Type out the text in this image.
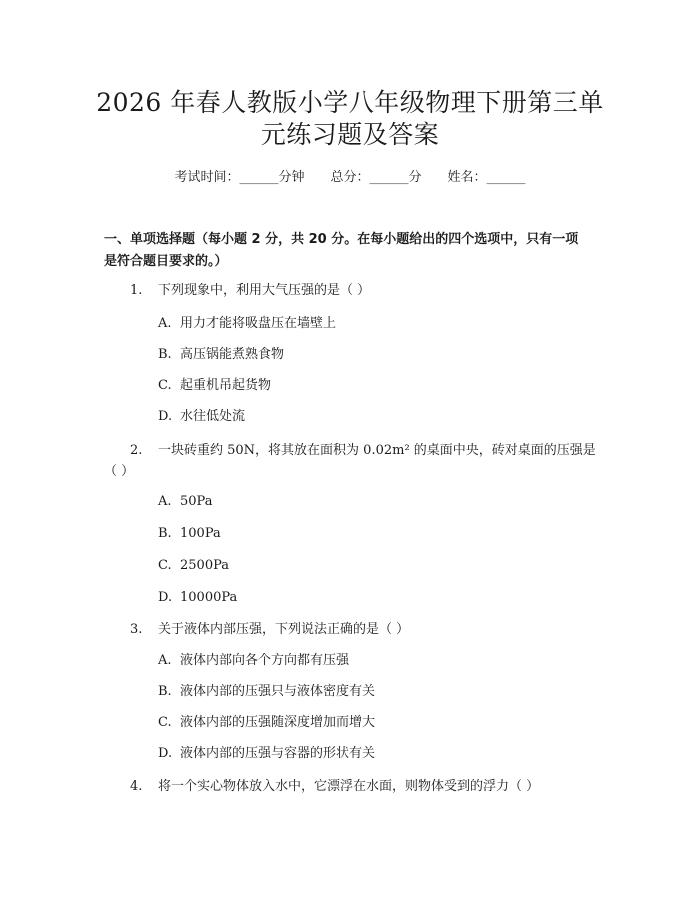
2026 年春人教版小学八年级物理下册第三单
元练习题及答案
考试时间：______分钟 总分：______分 姓名：______
一、单项选择题（每小题 2 分，共 20 分。在每小题给出的四个选项中，只有一项
是符合题目要求的。）
1. 下列现象中，利用大气压强的是（ ）
A. 用力才能将吸盘压在墙壁上
B. 高压锅能煮熟食物
C. 起重机吊起货物
D. 水往低处流
2. 一块砖重约 50N，将其放在面积为 0.02m² 的桌面中央，砖对桌面的压强是
（ ）
A. 50Pa
B. 100Pa
C. 2500Pa
D. 10000Pa
3. 关于液体内部压强，下列说法正确的是（ ）
A. 液体内部向各个方向都有压强
B. 液体内部的压强只与液体密度有关
C. 液体内部的压强随深度增加而增大
D. 液体内部的压强与容器的形状有关
4. 将一个实心物体放入水中，它漂浮在水面，则物体受到的浮力（ ）
